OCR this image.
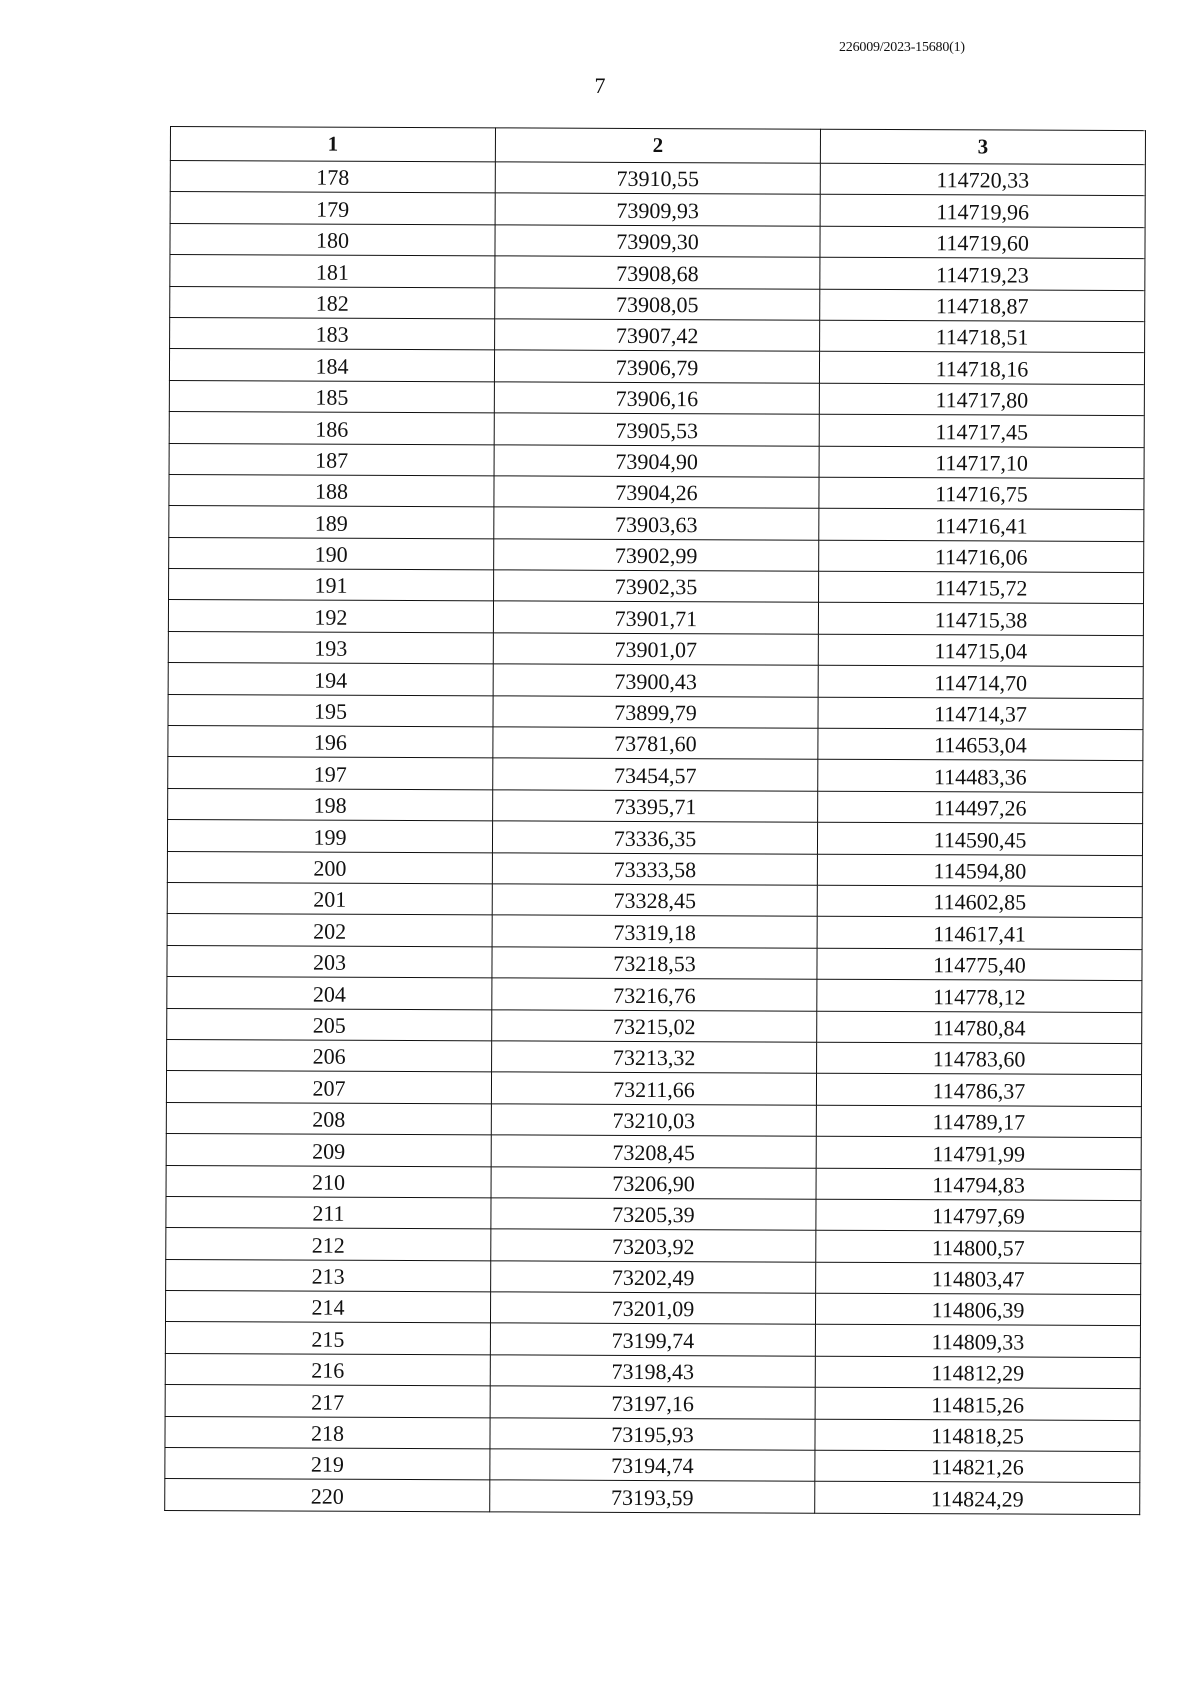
226009/2023-15680(1)
7
1	2	3
178	73910,55	114720,33
179	73909,93	114719,96
180	73909,30	114719,60
181	73908,68	114719,23
182	73908,05	114718,87
183	73907,42	114718,51
184	73906,79	114718,16
185	73906,16	114717,80
186	73905,53	114717,45
187	73904,90	114717,10
188	73904,26	114716,75
189	73903,63	114716,41
190	73902,99	114716,06
191	73902,35	114715,72
192	73901,71	114715,38
193	73901,07	114715,04
194	73900,43	114714,70
195	73899,79	114714,37
196	73781,60	114653,04
197	73454,57	114483,36
198	73395,71	114497,26
199	73336,35	114590,45
200	73333,58	114594,80
201	73328,45	114602,85
202	73319,18	114617,41
203	73218,53	114775,40
204	73216,76	114778,12
205	73215,02	114780,84
206	73213,32	114783,60
207	73211,66	114786,37
208	73210,03	114789,17
209	73208,45	114791,99
210	73206,90	114794,83
211	73205,39	114797,69
212	73203,92	114800,57
213	73202,49	114803,47
214	73201,09	114806,39
215	73199,74	114809,33
216	73198,43	114812,29
217	73197,16	114815,26
218	73195,93	114818,25
219	73194,74	114821,26
220	73193,59	114824,29
